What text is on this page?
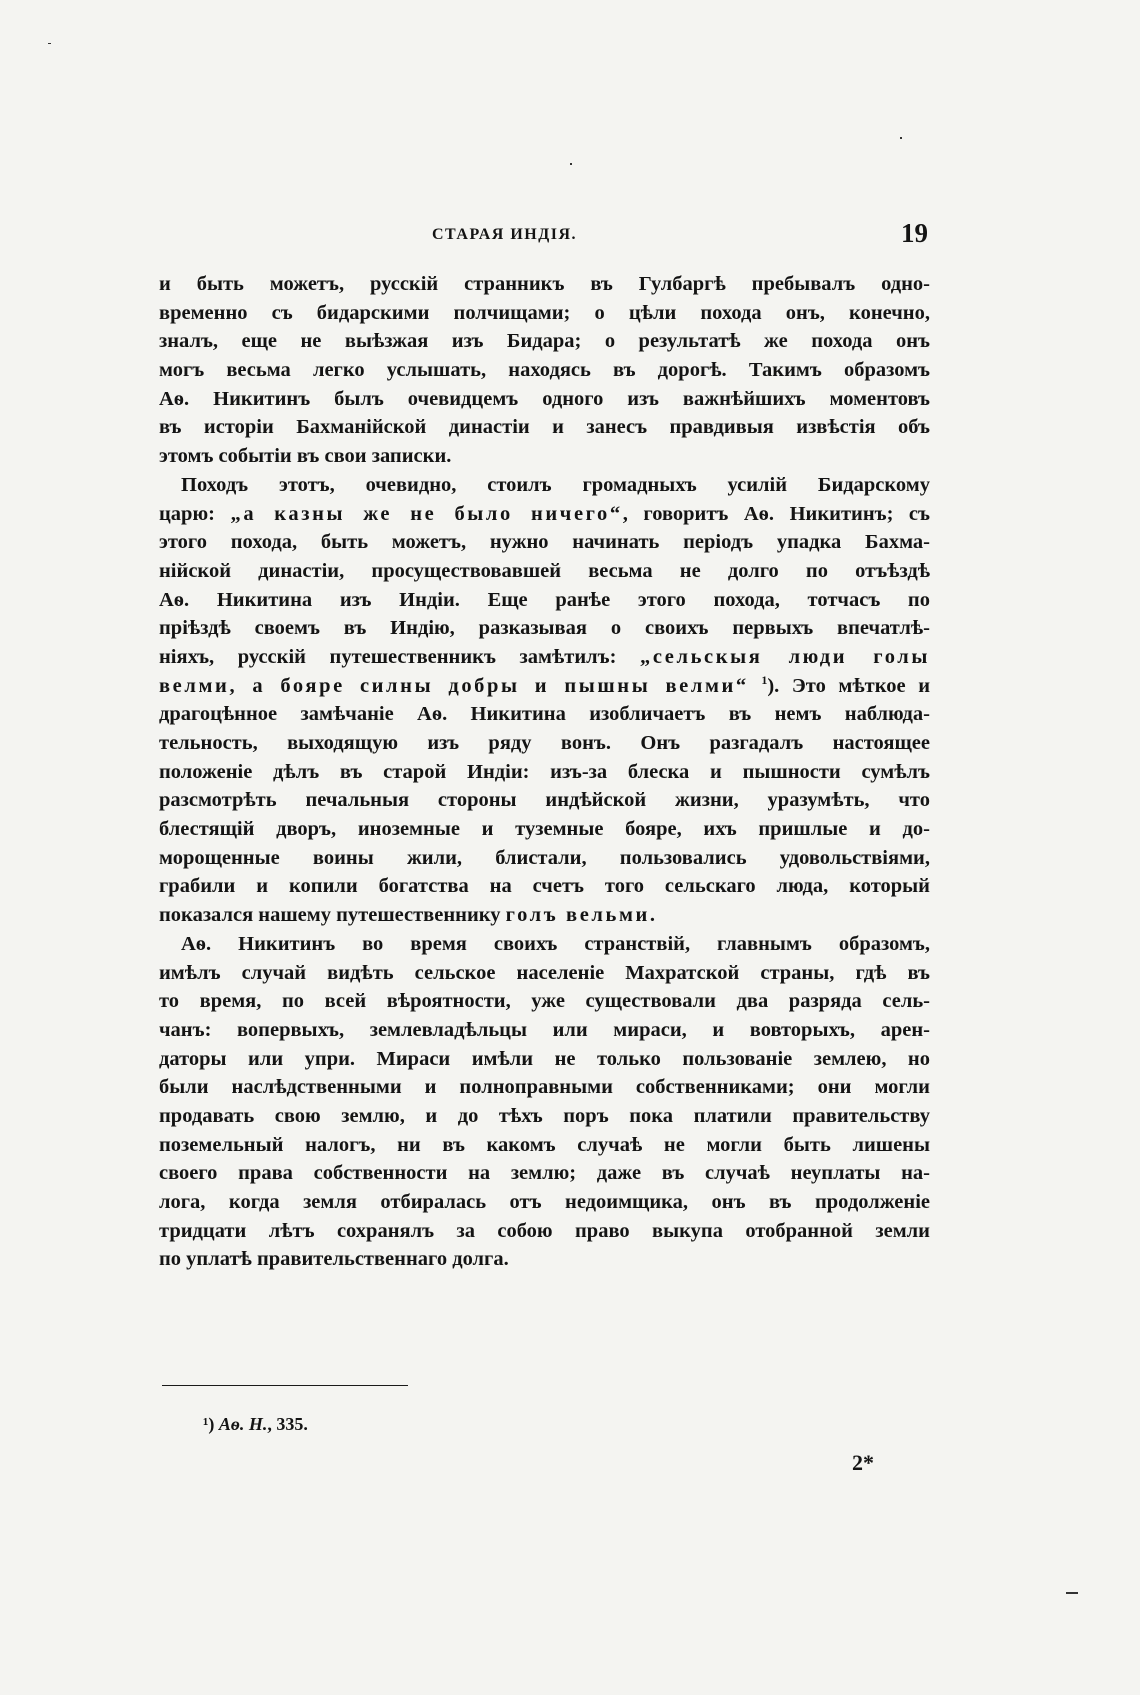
СТАРАЯ ИНДІЯ.	19
и быть можетъ, русскій странникъ въ Гулбаргѣ пребывалъ одно-
временно съ бидарскими полчищами; о цѣли похода онъ, конечно,
зналъ, еще не выѣзжая изъ Бидара; о результатѣ же похода онъ
могъ весьма легко услышать, находясь въ дорогѣ. Такимъ образомъ
Аѳ. Никитинъ былъ очевидцемъ одного изъ важнѣйшихъ моментовъ
въ исторіи Бахманійской династіи и занесъ правдивыя извѣстія объ
этомъ событіи въ свои записки.
Походъ этотъ, очевидно, стоилъ громадныхъ усилій Бидарскому
царю: „а казны же не было ничего“, говоритъ Аѳ. Никитинъ; съ
этого похода, быть можетъ, нужно начинать періодъ упадка Бахма-
нійской династіи, просуществовавшей весьма не долго по отъѣздѣ
Аѳ. Никитина изъ Индіи. Еще ранѣе этого похода, тотчасъ по
пріѣздѣ своемъ въ Индію, разказывая о своихъ первыхъ впечатлѣ-
ніяхъ, русскій путешественникъ замѣтилъ: „сельскыя люди голы
велми, а бояре силны добры и пышны велми“ $^1$). Это мѣткое и
драгоцѣнное замѣчаніе Аѳ. Никитина изобличаетъ въ немъ наблюда-
тельность, выходящую изъ ряду вонъ. Онъ разгадалъ настоящее
положеніе дѣлъ въ старой Индіи: изъ-за блеска и пышности сумѣлъ
разсмотрѣть печальныя стороны индѣйской жизни, уразумѣть, что
блестящій дворъ, иноземные и туземные бояре, ихъ пришлые и до-
морощенные воины жили, блистали, пользовались удовольствіями,
грабили и копили богатства на счетъ того сельскаго люда, который
показался нашему путешественнику голъ вельми.
Аѳ. Никитинъ во время своихъ странствій, главнымъ образомъ,
имѣлъ случай видѣть сельское населеніе Махратской страны, гдѣ въ
то время, по всей вѣроятности, уже существовали два разряда сель-
чанъ: вопервыхъ, землевладѣльцы или мираси, и вовторыхъ, арен-
даторы или упри. Мираси имѣли не только пользованіе землею, но
были наслѣдственными и полноправными собственниками; они могли
продавать свою землю, и до тѣхъ поръ пока платили правительству
поземельный налогъ, ни въ какомъ случаѣ не могли быть лишены
своего права собственности на землю; даже въ случаѣ неуплаты на-
лога, когда земля отбиралась отъ недоимщика, онъ въ продолженіе
тридцати лѣтъ сохранялъ за собою право выкупа отобранной земли
по уплатѣ правительственнаго долга.
¹) Аѳ. Н., 335.
2*
